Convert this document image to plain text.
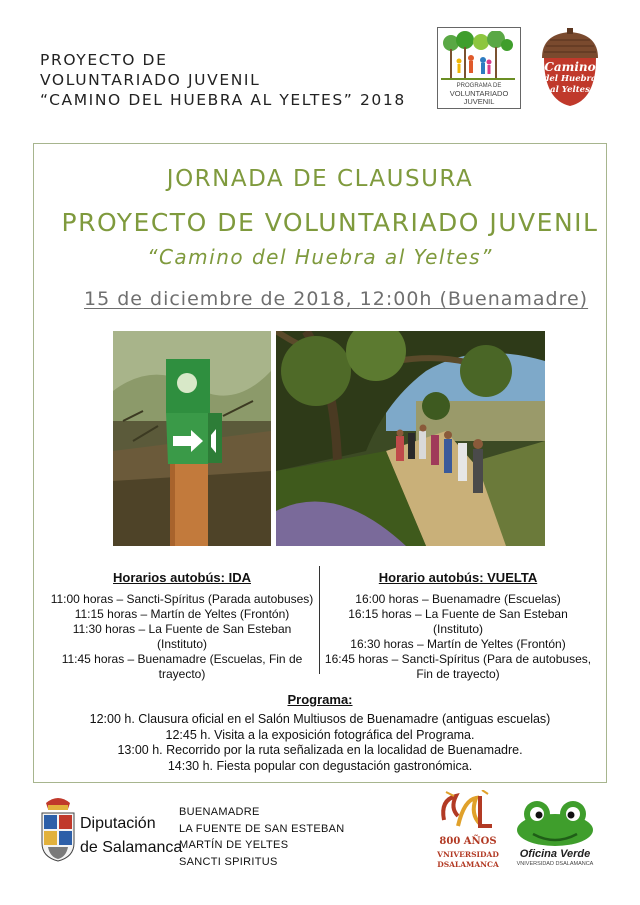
PROYECTO DE
VOLUNTARIADO JUVENIL
“CAMINO DEL HUEBRA AL YELTES” 2018
PROGRAMA DE
VOLUNTARIADO
JUVENIL
Camino
del Huebra
al Yeltes
JORNADA DE CLAUSURA
PROYECTO DE VOLUNTARIADO JUVENIL
“Camino del Huebra al Yeltes”
15 de diciembre de 2018, 12:00h (Buenamadre)
Horarios autobús: IDA
11:00 horas – Sancti-Spíritus (Parada autobuses)
11:15 horas – Martín de Yeltes (Frontón)
11:30 horas – La Fuente de San Esteban
(Instituto)
11:45 horas – Buenamadre (Escuelas, Fin de
trayecto)
Horario autobús: VUELTA
16:00 horas – Buenamadre (Escuelas)
16:15 horas – La Fuente de San Esteban
(Instituto)
16:30 horas – Martín de Yeltes (Frontón)
16:45 horas – Sancti-Spíritus (Para de autobuses,
Fin de trayecto)
Programa:
12:00 h. Clausura oficial en el Salón Multiusos de Buenamadre (antiguas escuelas)
12:45 h. Visita a la exposición fotográfica del Programa.
13:00 h. Recorrido por la ruta señalizada en la localidad de Buenamadre.
14:30 h. Fiesta popular con degustación gastronómica.
Diputación
de Salamanca
BUENAMADRE
LA FUENTE DE SAN ESTEBAN
MARTÍN DE YELTES
SANCTI SPIRITUS
800 AÑOS
VNIVERSIDAD
DSALAMANCA
Oficina Verde
VNIVERSIDAD DSALAMANCA
